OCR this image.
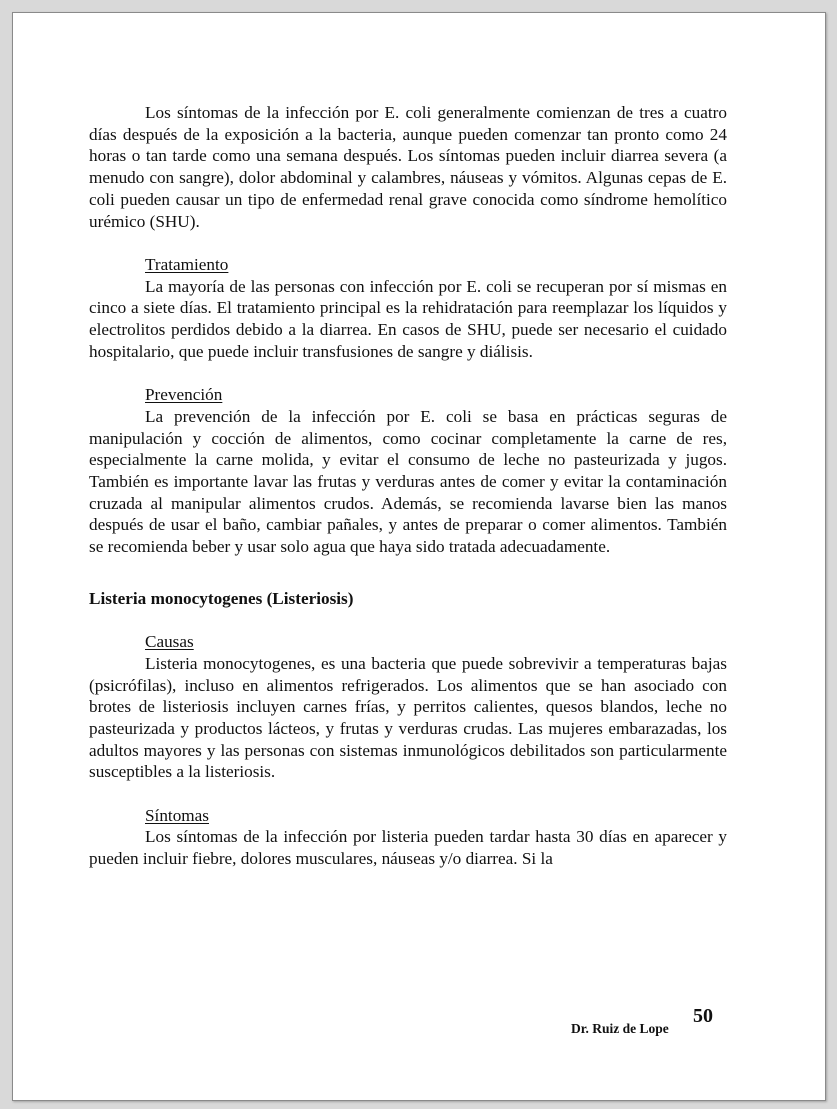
Los síntomas de la infección por E. coli generalmente comienzan de tres a cuatro días después de la exposición a la bacteria, aunque pueden comenzar tan pronto como 24 horas o tan tarde como una semana después. Los síntomas pueden incluir diarrea severa (a menudo con sangre), dolor abdominal y calambres, náuseas y vómitos. Algunas cepas de E. coli pueden causar un tipo de enfermedad renal grave conocida como síndrome hemolítico urémico (SHU).

Tratamiento

La mayoría de las personas con infección por E. coli se recuperan por sí mismas en cinco a siete días. El tratamiento principal es la rehidratación para reemplazar los líquidos y electrolitos perdidos debido a la diarrea. En casos de SHU, puede ser necesario el cuidado hospitalario, que puede incluir transfusiones de sangre y diálisis.

Prevención

La prevención de la infección por E. coli se basa en prácticas seguras de manipulación y cocción de alimentos, como cocinar completamente la carne de res, especialmente la carne molida, y evitar el consumo de leche no pasteurizada y jugos. También es importante lavar las frutas y verduras antes de comer y evitar la contaminación cruzada al manipular alimentos crudos. Además, se recomienda lavarse bien las manos después de usar el baño, cambiar pañales, y antes de preparar o comer alimentos. También se recomienda beber y usar solo agua que haya sido tratada adecuadamente.

Listeria monocytogenes (Listeriosis)

Causas

Listeria monocytogenes, es una bacteria que puede sobrevivir a temperaturas bajas (psicrófilas), incluso en alimentos refrigerados. Los alimentos que se han asociado con brotes de listeriosis incluyen carnes frías, y perritos calientes, quesos blandos, leche no pasteurizada y productos lácteos, y frutas y verduras crudas. Las mujeres embarazadas, los adultos mayores y las personas con sistemas inmunológicos debilitados son particularmente susceptibles a la listeriosis.

Síntomas

Los síntomas de la infección por listeria pueden tardar hasta 30 días en aparecer y pueden incluir fiebre, dolores musculares, náuseas y/o diarrea. Si la

50
Dr. Ruiz de Lope
